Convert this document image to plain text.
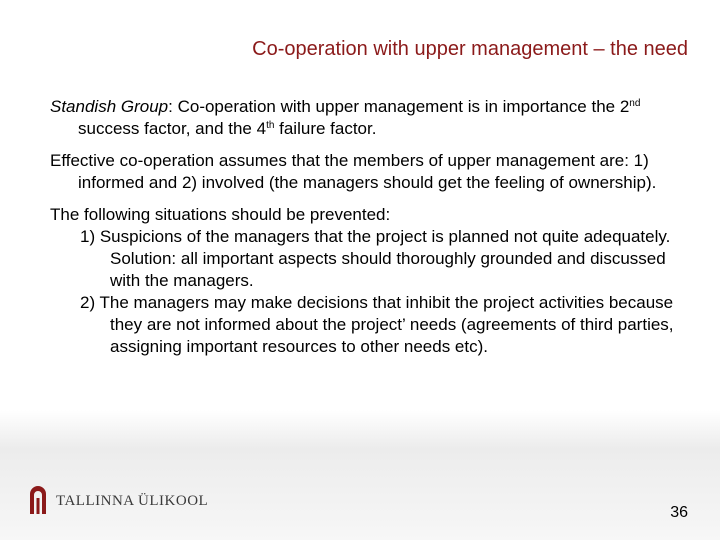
Co-operation with upper management – the need

Standish Group: Co-operation with upper management is in importance the 2nd success factor, and the 4th failure factor.

Effective co-operation assumes that the members of upper management are: 1) informed and 2) involved (the managers should get the feeling of ownership).

The following situations should be prevented:

1) Suspicions of the managers that the project is planned not quite adequately. Solution: all important aspects should thoroughly grounded and discussed with the managers.

2) The managers may make decisions that inhibit the project activities because they are not informed about the project’ needs (agreements of third parties, assigning important resources to other needs etc).

TALLINNA ÜLIKOOL
36
